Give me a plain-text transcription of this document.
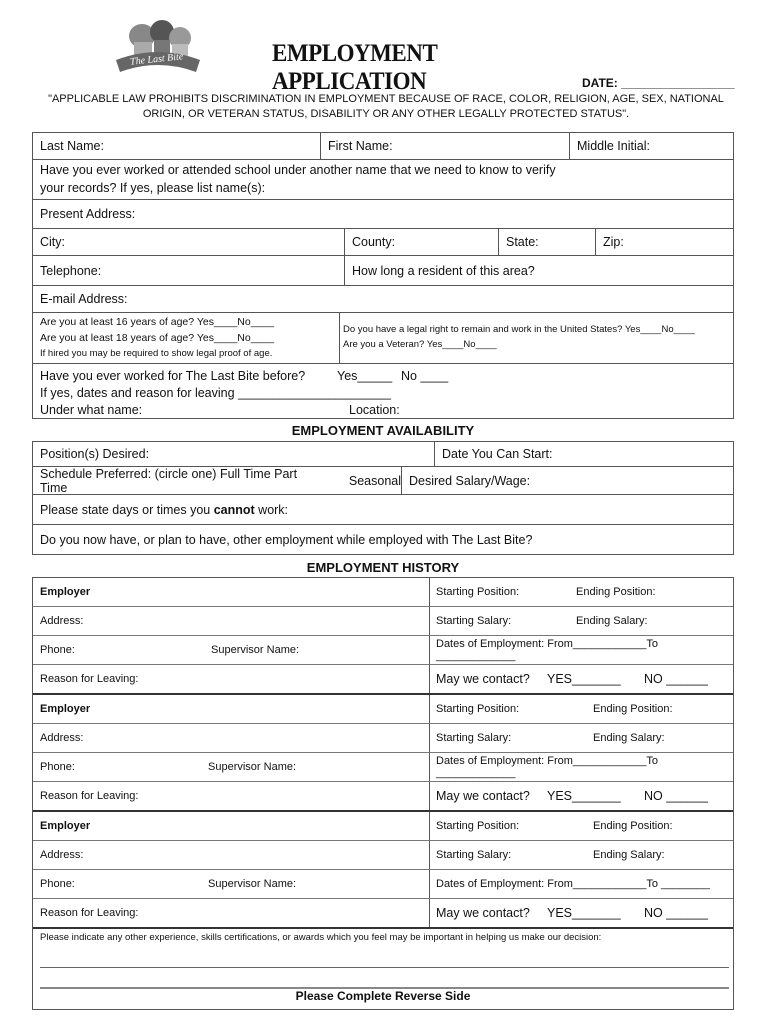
The Last Bite	EMPLOYMENT APPLICATION	DATE: _________________
"APPLICABLE LAW PROHIBITS DISCRIMINATION IN EMPLOYMENT BECAUSE OF RACE, COLOR, RELIGION, AGE, SEX, NATIONAL ORIGIN, OR VETERAN STATUS, DISABILITY OR ANY OTHER LEGALLY PROTECTED STATUS".
Last Name:	First Name:	Middle Initial:
Have you ever worked or attended school under another name that we need to know to verify
your records? If yes, please list name(s):
Present Address:
City:	County:	State:	Zip:
Telephone:	How long a resident of this area?
E-mail Address:
Are you at least 16 years of age? Yes____No____
Are you at least 18 years of age? Yes____No____
If hired you may be required to show legal proof of age.
Do you have a legal right to remain and work in the United States? Yes____No____
Are you a Veteran? Yes____No____
Have you ever worked for The Last Bite before?	Yes_____ No ____
If yes, dates and reason for leaving ______________________
Under what name:	Location:
EMPLOYMENT AVAILABILITY
Position(s) Desired:	Date You Can Start:
Schedule Preferred: (circle one) Full Time Part Time	Seasonal Desired Salary/Wage:
Please state days or times you cannot work:
Do you now have, or plan to have, other employment while employed with The Last Bite?
EMPLOYMENT HISTORY
Employer	Starting Position:	Ending Position:
Address:	Starting Salary:	Ending Salary:
Phone:	Supervisor Name:	Dates of Employment: From____________To _____________
Reason for Leaving:	May we contact? YES_______ NO ______
Employer	Starting Position:	Ending Position:
Address:	Starting Salary:	Ending Salary:
Phone:	Supervisor Name:	Dates of Employment: From____________To _____________
Reason for Leaving:	May we contact? YES_______ NO ______
Employer	Starting Position:	Ending Position:
Address:	Starting Salary:	Ending Salary:
Phone:	Supervisor Name:	Dates of Employment: From____________To ________
Reason for Leaving:	May we contact? YES_______ NO ______
Please indicate any other experience, skills certifications, or awards which you feel may be important in helping us make our decision:
Please Complete Reverse Side
